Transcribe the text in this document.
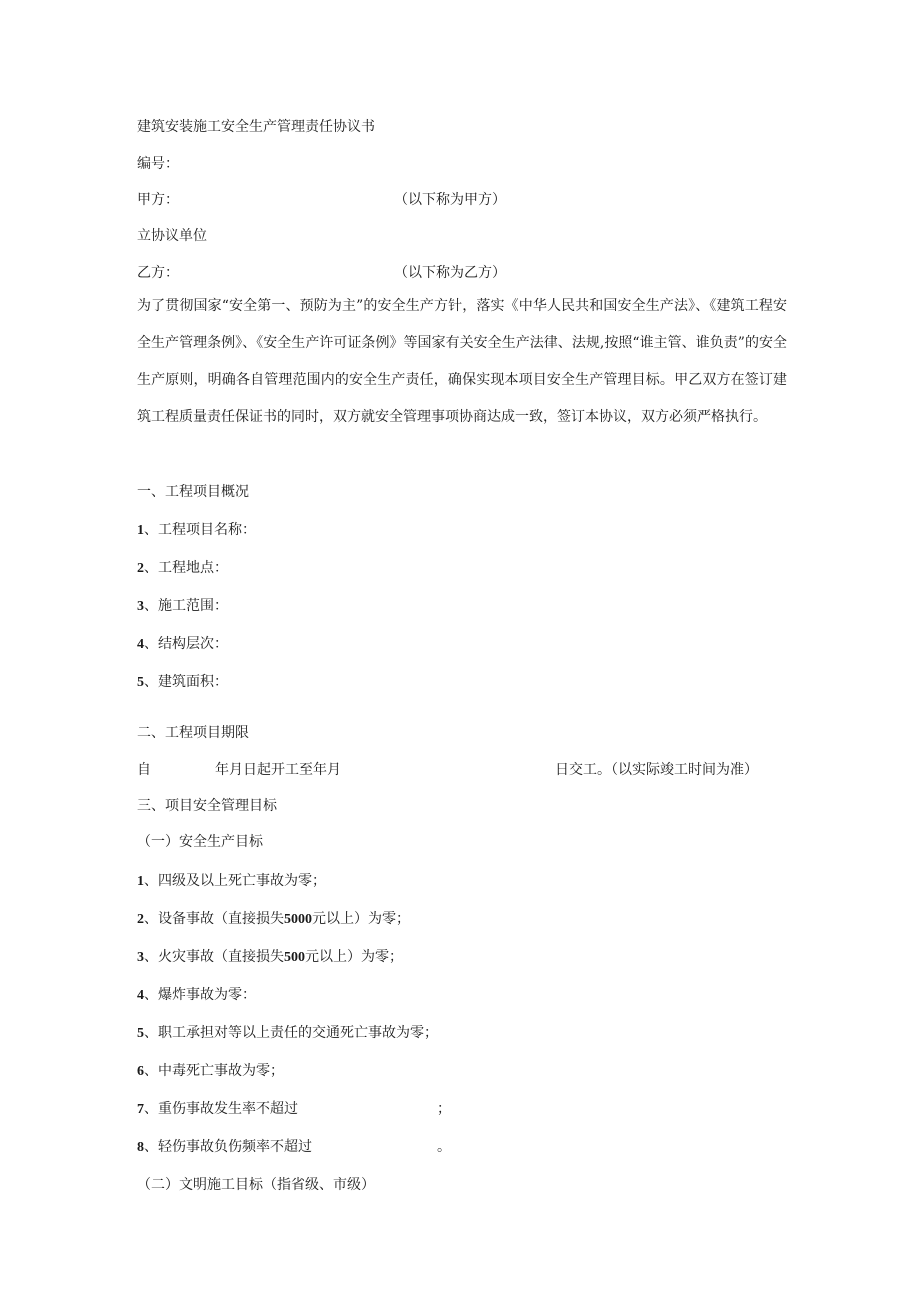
建筑安装施工安全生产管理责任协议书
编号：
甲方：	（以下称为甲方）
立协议单位
乙方：	（以下称为乙方）
为了贯彻国家“安全第一、预防为主”的安全生产方针，落实《中华人民共和国安全生产法》、《建筑工程安全生产管理条例》、《安全生产许可证条例》等国家有关安全生产法律、法规,按照“谁主管、谁负责”的安全生产原则，明确各自管理范围内的安全生产责任，确保实现本项目安全生产管理目标。甲乙双方在签订建筑工程质量责任保证书的同时，双方就安全管理事项协商达成一致，签订本协议，双方必须严格执行。
一、工程项目概况
1、工程项目名称：
2、工程地点：
3、施工范围：
4、结构层次：
5、建筑面积：
二、工程项目期限
自	年月日起开工至年月	日交工。（以实际竣工时间为准）
三、项目安全管理目标
（一）安全生产目标
1、四级及以上死亡事故为零；
2、设备事故（直接损失5000元以上）为零；
3、火灾事故（直接损失500元以上）为零；
4、爆炸事故为零：
5、职工承担对等以上责任的交通死亡事故为零；
6、中毒死亡事故为零；
7、重伤事故发生率不超过	；
8、轻伤事故负伤频率不超过	。
（二）文明施工目标（指省级、市级）
